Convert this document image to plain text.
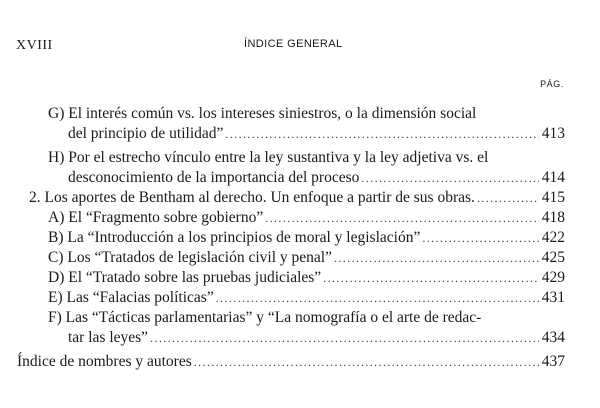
XVIII	ÍNDICE GENERAL
PÁG.
G) El interés común vs. los intereses siniestros, o la dimensión social
del principio de utilidad” .....	413
H) Por el estrecho vínculo entre la ley sustantiva y la ley adjetiva vs. el
desconocimiento de la importancia del proceso .....	414
2. Los aportes de Bentham al derecho. Un enfoque a partir de sus obras. .....	415
A) El “Fragmento sobre gobierno” .....	418
B) La “Introducción a los principios de moral y legislación” .....	422
C) Los “Tratados de legislación civil y penal” .....	425
D) El “Tratado sobre las pruebas judiciales” .....	429
E) Las “Falacias políticas” .....	431
F) Las “Tácticas parlamentarias” y “La nomografía o el arte de redac-
tar las leyes” .....	434
Índice de nombres y autores .....	437
